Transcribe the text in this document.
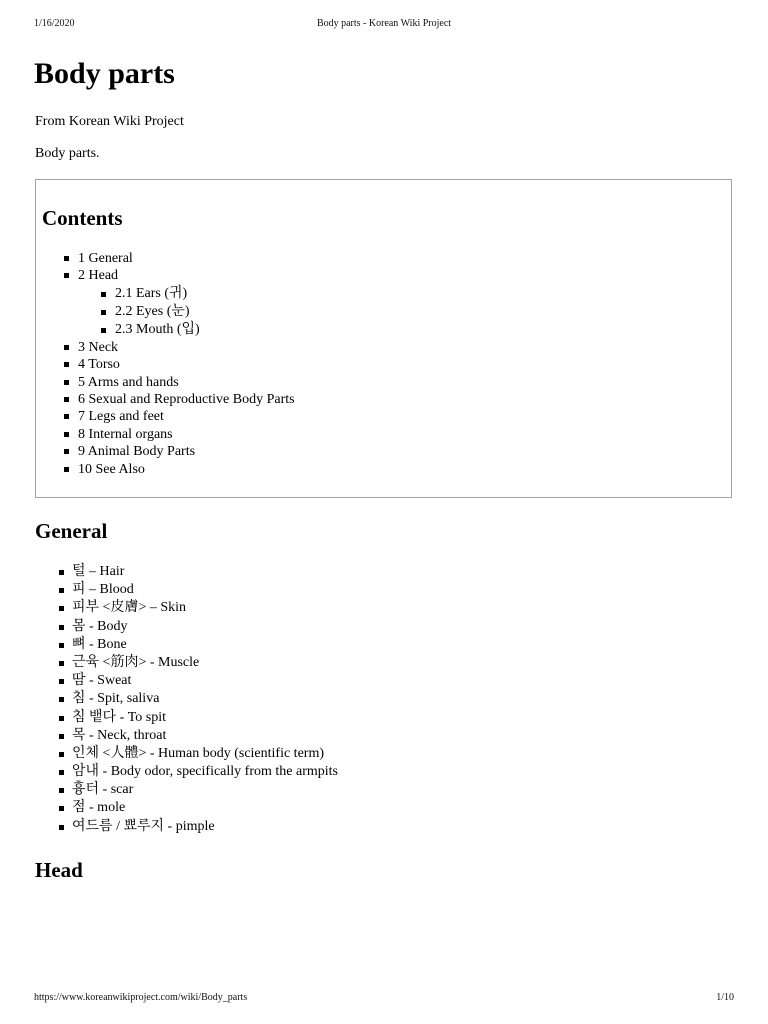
1/16/2020	Body parts - Korean Wiki Project
Body parts

From Korean Wiki Project

Body parts.

Contents
1 General
2 Head
2.1 Ears (귀)
2.2 Eyes (눈)
2.3 Mouth (입)
3 Neck
4 Torso
5 Arms and hands
6 Sexual and Reproductive Body Parts
7 Legs and feet
8 Internal organs
9 Animal Body Parts
10 See Also
General
털 – Hair
피 – Blood
피부 <皮膚> – Skin
몸 - Body
뼈 - Bone
근육 <筋肉> - Muscle
땀 - Sweat
침 - Spit, saliva
침 뱉다 - To spit
목 - Neck, throat
인체 <人體> - Human body (scientific term)
암내 - Body odor, specifically from the armpits
흉터 - scar
점 - mole
여드름 / 뾰루지 - pimple
Head
https://www.koreanwikiproject.com/wiki/Body_parts	1/10
